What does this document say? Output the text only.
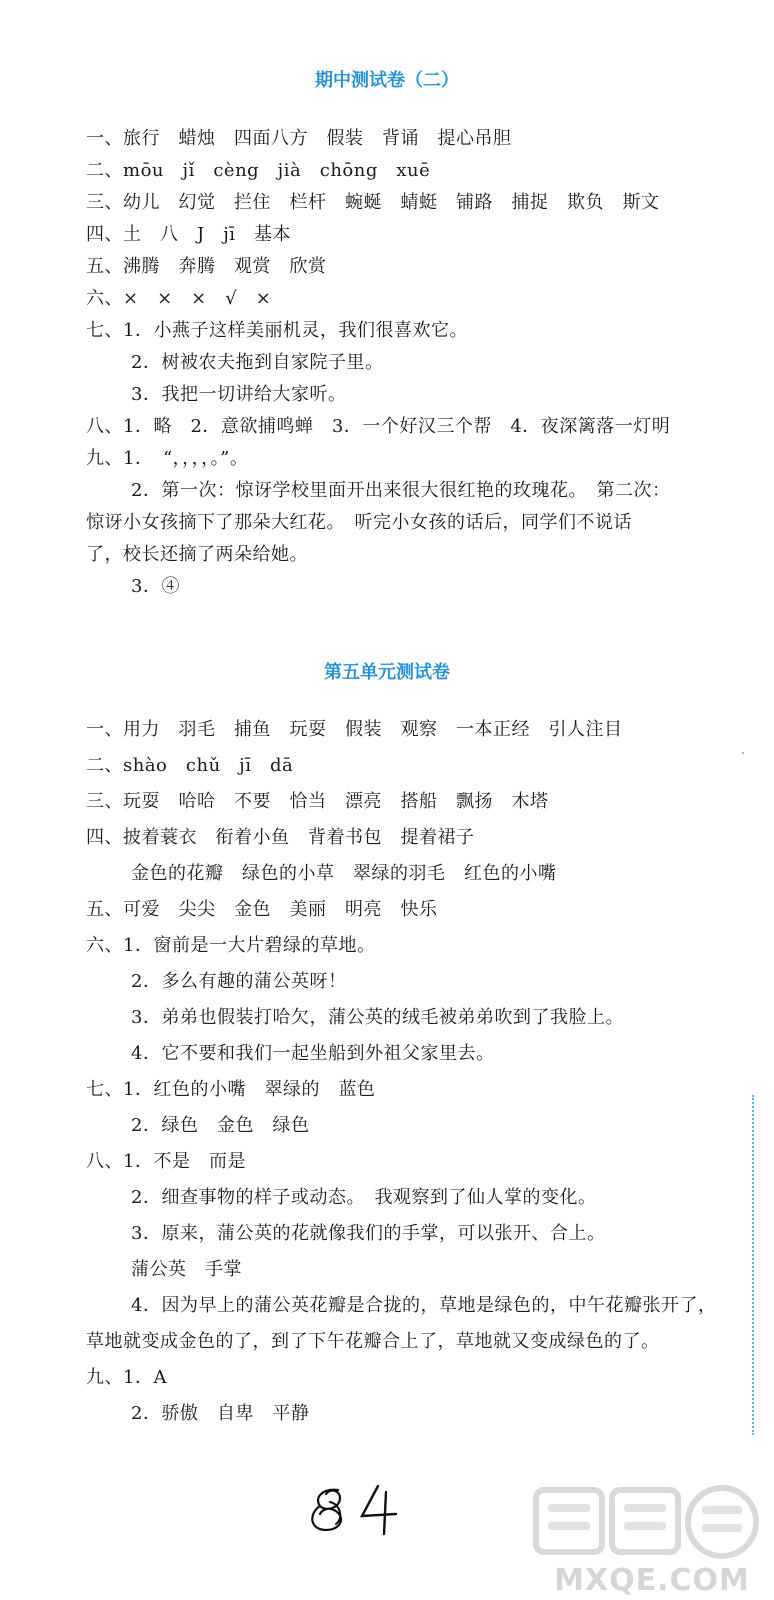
期中测试卷（二）
一、旅行　蜡烛　四面八方　假装　背诵　提心吊胆
二、mōu　jǐ　cèng　jià　chōng　xuē
三、幼儿　幻觉　拦住　栏杆　蜿蜒　蜻蜓　铺路　捕捉　欺负　斯文
四、土　八　J　jī　基本
五、沸腾　奔腾　观赏　欣赏
六、×　×　×　√　×
七、1．小燕子这样美丽机灵，我们很喜欢它。
2．树被农夫拖到自家院子里。
3．我把一切讲给大家听。
八、1．略　2．意欲捕鸣蝉　3．一个好汉三个帮　4．夜深篱落一灯明
九、1．　“，，，，。”。
2．第一次：惊讶学校里面开出来很大很红艳的玫瑰花。　第二次：
惊讶小女孩摘下了那朵大红花。　听完小女孩的话后，同学们不说话
了，校长还摘了两朵给她。
3．④
第五单元测试卷
一、用力　羽毛　捕鱼　玩耍　假装　观察　一本正经　引人注目
二、shào　chǔ　jī　dā
三、玩耍　哈哈　不要　恰当　漂亮　搭船　飘扬　木塔
四、披着蓑衣　衔着小鱼　背着书包　提着裙子
金色的花瓣　绿色的小草　翠绿的羽毛　红色的小嘴
五、可爱　尖尖　金色　美丽　明亮　快乐
六、1．窗前是一大片碧绿的草地。
2．多么有趣的蒲公英呀！
3．弟弟也假装打哈欠，蒲公英的绒毛被弟弟吹到了我脸上。
4．它不要和我们一起坐船到外祖父家里去。
七、1．红色的小嘴　翠绿的　蓝色
2．绿色　金色　绿色
八、1．不是　而是
2．细查事物的样子或动态。　我观察到了仙人掌的变化。
3．原来，蒲公英的花就像我们的手掌，可以张开、合上。
蒲公英　手掌
4．因为早上的蒲公英花瓣是合拢的，草地是绿色的，中午花瓣张开了，
草地就变成金色的了，到了下午花瓣合上了，草地就又变成绿色的了。
九、1．A
2．骄傲　自卑　平静
MXQE.COM
